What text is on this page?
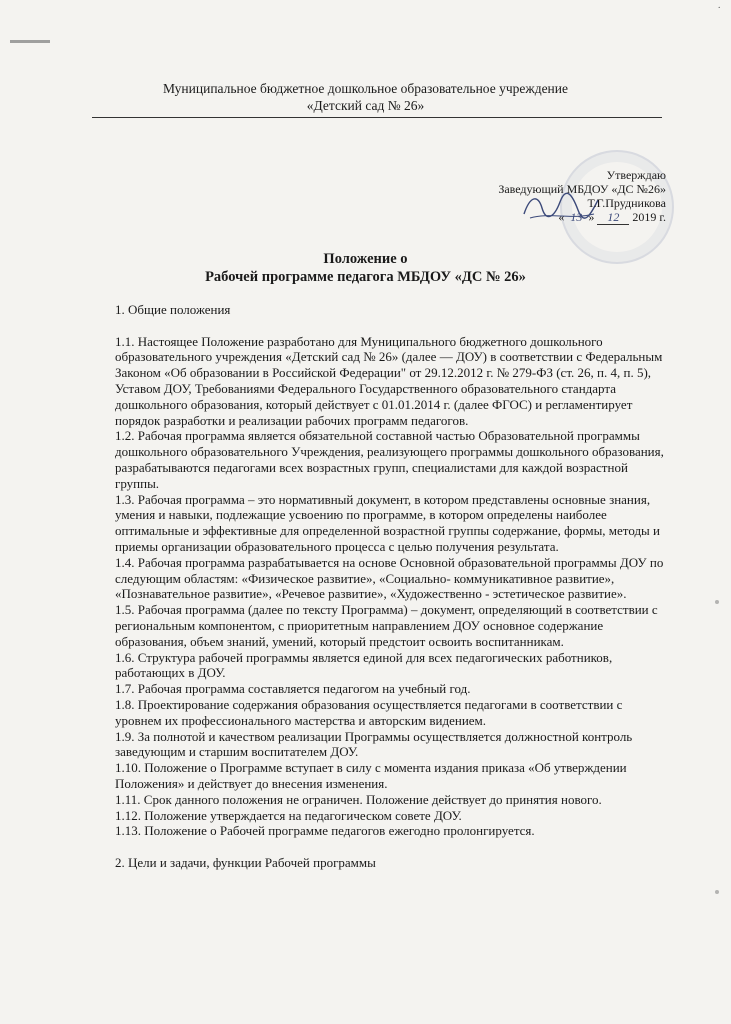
·
Муниципальное бюджетное дошкольное образовательное учреждение
«Детский сад № 26»
Утверждаю
Заведующий МБДОУ «ДС №26»
Т.Г.Прудникова
« 13 » 12 2019 г.
Положение о
Рабочей программе педагога МБДОУ «ДС № 26»

1. Общие положения

1.1. Настоящее Положение разработано для Муниципального бюджетного дошкольного образовательного учреждения «Детский сад № 26» (далее — ДОУ) в соответствии с Федеральным Законом «Об образовании в Российской Федерации" от 29.12.2012 г. № 279-ФЗ (ст. 26, п. 4, п. 5), Уставом ДОУ, Требованиями Федерального Государственного образовательного стандарта дошкольного образования, который действует с 01.01.2014 г. (далее ФГОС) и регламентирует порядок разработки и реализации рабочих программ педагогов.

1.2. Рабочая программа является обязательной составной частью Образовательной программы дошкольного образовательного Учреждения, реализующего программы дошкольного образования, разрабатываются педагогами всех возрастных групп, специалистами для каждой возрастной группы.

1.3. Рабочая программа – это нормативный документ, в котором представлены основные знания, умения и навыки, подлежащие усвоению по программе, в котором определены наиболее оптимальные и эффективные для определенной возрастной группы содержание, формы, методы и приемы организации образовательного процесса с целью получения результата.

1.4. Рабочая программа разрабатывается на основе Основной образовательной программы ДОУ по следующим областям: «Физическое развитие», «Социально- коммуникативное развитие», «Познавательное развитие», «Речевое развитие», «Художественно - эстетическое развитие».

1.5. Рабочая программа (далее по тексту Программа) – документ, определяющий в соответствии с региональным компонентом, с приоритетным направлением ДОУ основное содержание образования, объем знаний, умений, который предстоит освоить воспитанникам.

1.6. Структура рабочей программы является единой для всех педагогических работников, работающих в ДОУ.

1.7. Рабочая программа составляется педагогом на учебный год.

1.8. Проектирование содержания образования осуществляется педагогами в соответствии с уровнем их профессионального мастерства и авторским видением.

1.9. За полнотой и качеством реализации Программы осуществляется должностной контроль заведующим и старшим воспитателем ДОУ.

1.10. Положение о Программе вступает в силу с момента издания приказа «Об утверждении Положения» и действует до внесения изменения.

1.11. Срок данного положения не ограничен. Положение действует до принятия нового.

1.12. Положение утверждается на педагогическом совете ДОУ.

1.13. Положение о Рабочей программе педагогов ежегодно пролонгируется.

2. Цели и задачи, функции Рабочей программы
